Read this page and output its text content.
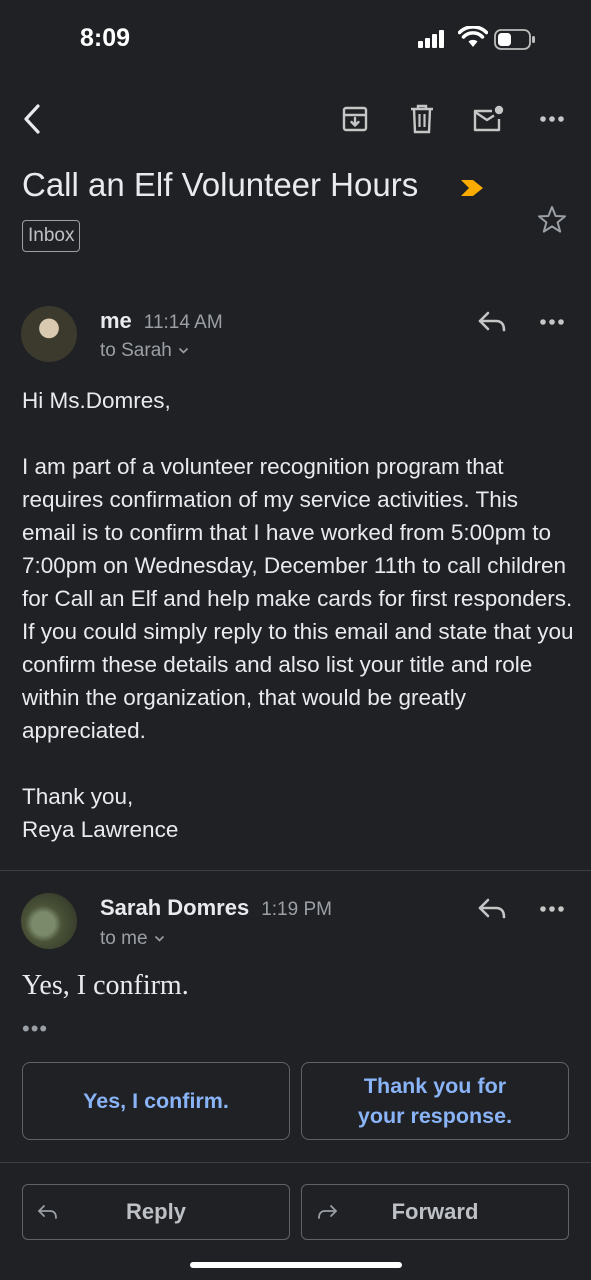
8:09
Call an Elf Volunteer Hours
Inbox
me 11:14 AM
to Sarah

Hi Ms.Domres,

I am part of a volunteer recognition program that requires confirmation of my service activities. This email is to confirm that I have worked from 5:00pm to 7:00pm on Wednesday, December 11th to call children for Call an Elf and help make cards for first responders. If you could simply reply to this email and state that you confirm these details and also list your title and role within the organization, that would be greatly appreciated.

Thank you,
Reya Lawrence

Sarah Domres 1:19 PM
to me
Yes, I confirm.
•••
Yes, I confirm.
Thank you for your response.
Reply	Forward
